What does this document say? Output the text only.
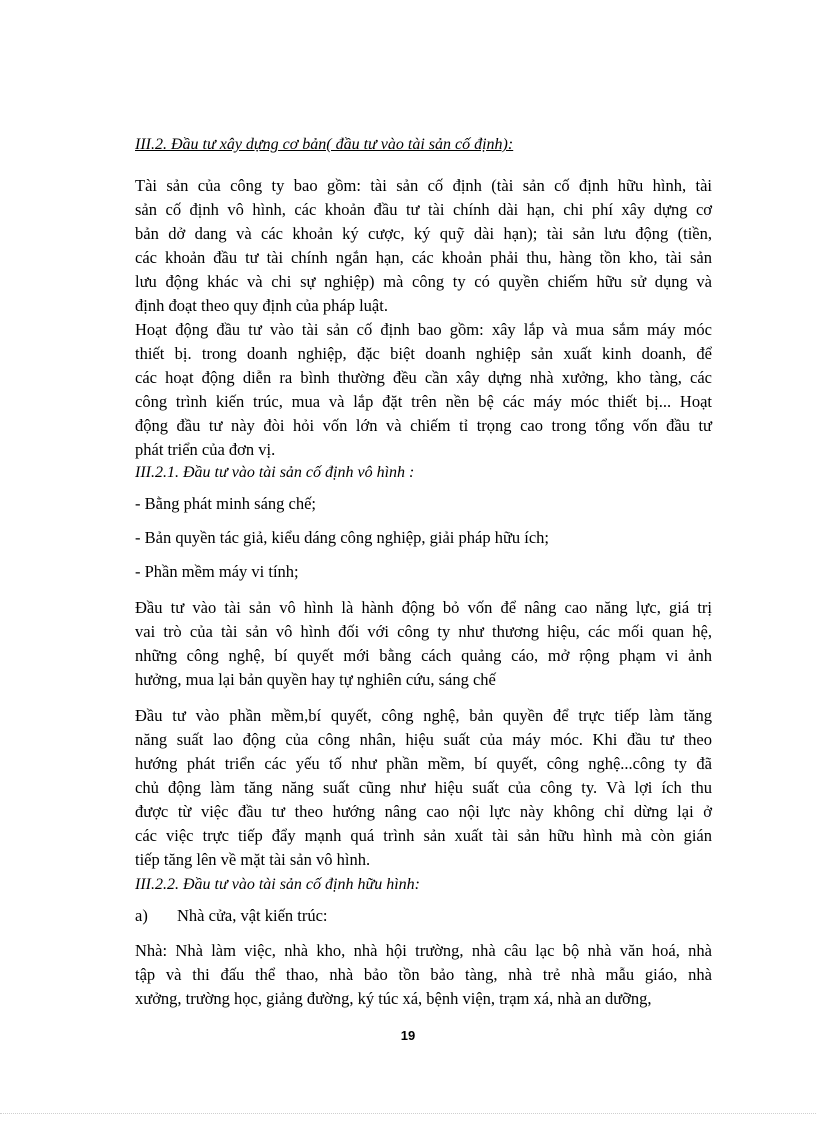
III.2. Đầu tư xây dựng cơ bản( đầu tư vào tài sản cố định):
Tài sản của công ty bao gồm: tài sản cố định (tài sản cố định hữu hình, tài
sản cố định vô hình, các khoản đầu tư tài chính dài hạn, chi phí xây dựng cơ
bản dở dang và các khoản ký cược, ký quỹ dài hạn); tài sản lưu động (tiền,
các khoản đầu tư tài chính ngắn hạn, các khoản phải thu, hàng tồn kho, tài sản
lưu động khác và chi sự nghiệp) mà công ty có quyền chiếm hữu sử dụng và
định đoạt theo quy định của pháp luật.
Hoạt động đầu tư vào tài sản cố định bao gồm: xây lắp và mua sắm máy móc
thiết bị. trong doanh nghiệp, đặc biệt doanh nghiệp sản xuất kinh doanh, để
các hoạt động diễn ra bình thường đều cần xây dựng nhà xưởng, kho tàng, các
công trình kiến trúc, mua và lắp đặt trên nền bệ các máy móc thiết bị... Hoạt
động đầu tư này đòi hỏi vốn lớn và chiếm tỉ trọng cao trong tổng vốn đầu tư
phát triển của đơn vị.
III.2.1. Đầu tư vào tài sản cố định vô hình :
- Bằng phát minh sáng chế;
- Bản quyền tác giả, kiểu dáng công nghiệp, giải pháp hữu ích;
- Phần mềm máy vi tính;
Đầu tư vào tài sản vô hình là hành động bỏ vốn để nâng cao năng lực, giá trị
vai trò của tài sản vô hình đối với công ty như thương hiệu, các mối quan hệ,
những công nghệ, bí quyết mới bằng cách quảng cáo, mở rộng phạm vi ảnh
hưởng, mua lại bản quyền hay tự nghiên cứu, sáng chế
Đầu tư vào phần mềm,bí quyết, công nghệ, bản quyền để trực tiếp làm tăng
năng suất lao động của công nhân, hiệu suất của máy móc. Khi đầu tư theo
hướng phát triển các yếu tố như phần mềm, bí quyết, công nghệ...công ty đã
chủ động làm tăng năng suất cũng như hiệu suất của công ty. Và lợi ích thu
được từ việc đầu tư theo hướng nâng cao nội lực này không chỉ dừng lại ở
các việc trực tiếp đẩy mạnh quá trình sản xuất tài sản hữu hình mà còn gián
tiếp tăng lên về mặt tài sản vô hình.
III.2.2. Đầu tư vào tài sản cố định hữu hình:
a) Nhà cửa, vật kiến trúc:
Nhà: Nhà làm việc, nhà kho, nhà hội trường, nhà câu lạc bộ nhà văn hoá, nhà
tập và thi đấu thể thao, nhà bảo tồn bảo tàng, nhà trẻ nhà mẫu giáo, nhà
xưởng, trường học, giảng đường, ký túc xá, bệnh viện, trạm xá, nhà an dưỡng,
19
